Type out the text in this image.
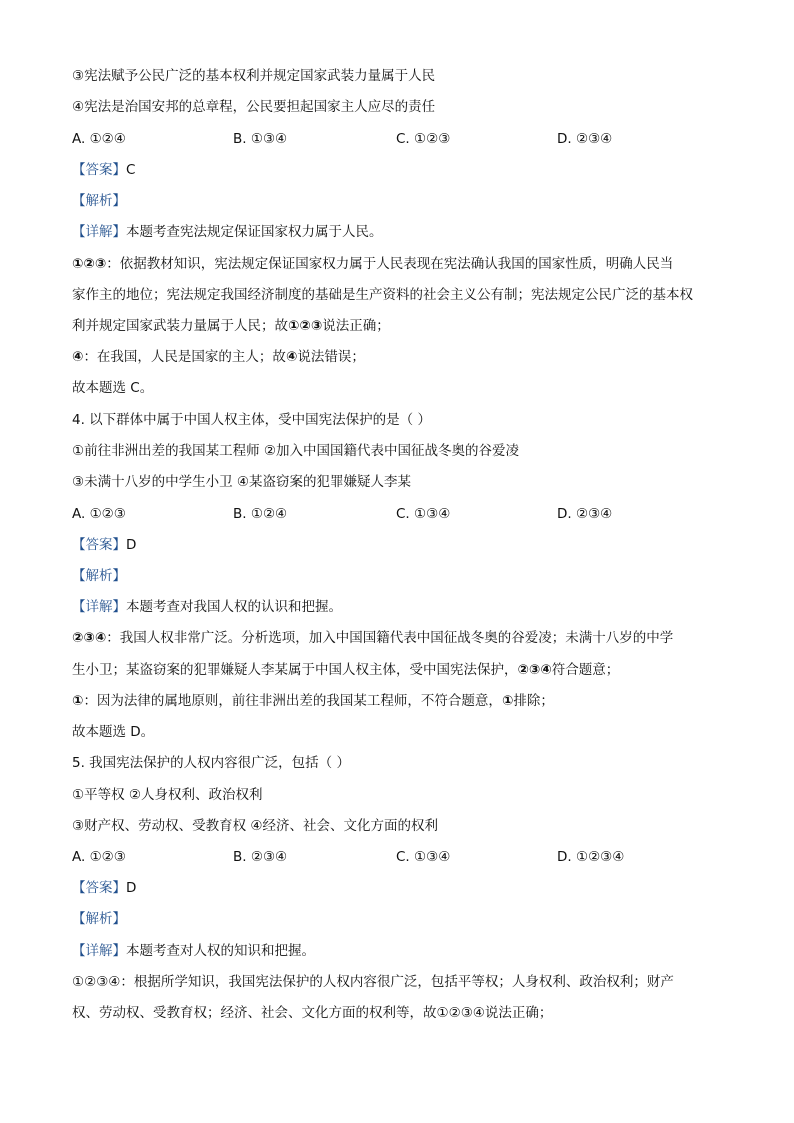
③宪法赋予公民广泛的基本权利并规定国家武装力量属于人民
④宪法是治国安邦的总章程，公民要担起国家主人应尽的责任
A. ①②④	B. ①③④	C. ①②③	D. ②③④
【答案】C
【解析】
【详解】本题考查宪法规定保证国家权力属于人民。
①②③：依据教材知识，宪法规定保证国家权力属于人民表现在宪法确认我国的国家性质，明确人民当
家作主的地位；宪法规定我国经济制度的基础是生产资料的社会主义公有制；宪法规定公民广泛的基本权
利并规定国家武装力量属于人民；故①②③说法正确；
④：在我国，人民是国家的主人；故④说法错误；
故本题选 C。
4. 以下群体中属于中国人权主体，受中国宪法保护的是（ ）
①前往非洲出差的我国某工程师 ②加入中国国籍代表中国征战冬奥的谷爱凌
③未满十八岁的中学生小卫 ④某盗窃案的犯罪嫌疑人李某
A. ①②③	B. ①②④	C. ①③④	D. ②③④
【答案】D
【解析】
【详解】本题考查对我国人权的认识和把握。
②③④：我国人权非常广泛。分析选项，加入中国国籍代表中国征战冬奥的谷爱凌；未满十八岁的中学
生小卫；某盗窃案的犯罪嫌疑人李某属于中国人权主体，受中国宪法保护，②③④符合题意；
①：因为法律的属地原则，前往非洲出差的我国某工程师，不符合题意，①排除；
故本题选 D。
5. 我国宪法保护的人权内容很广泛，包括（ ）
①平等权 ②人身权利、政治权利
③财产权、劳动权、受教育权 ④经济、社会、文化方面的权利
A. ①②③	B. ②③④	C. ①③④	D. ①②③④
【答案】D
【解析】
【详解】本题考查对人权的知识和把握。
①②③④：根据所学知识，我国宪法保护的人权内容很广泛，包括平等权；人身权利、政治权利；财产
权、劳动权、受教育权；经济、社会、文化方面的权利等，故①②③④说法正确；
